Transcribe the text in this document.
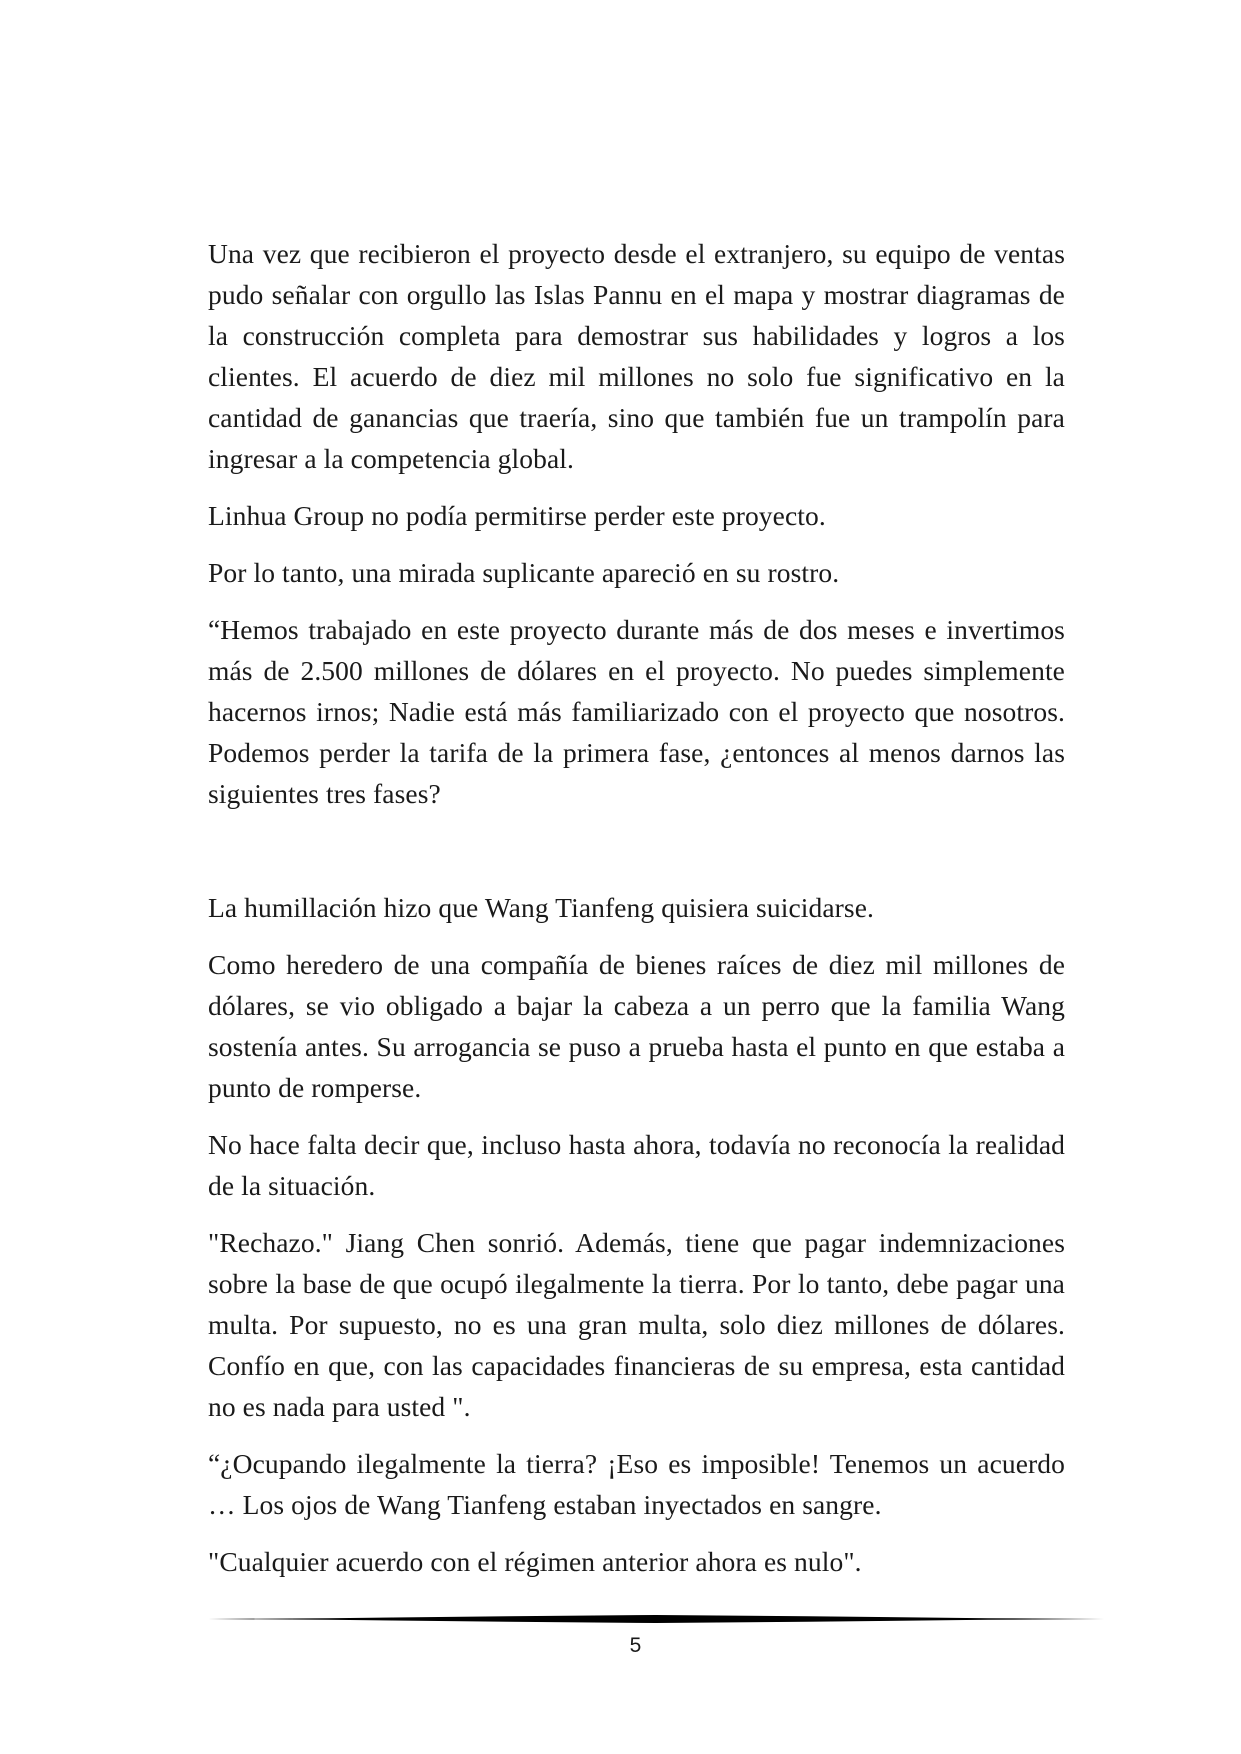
Una vez que recibieron el proyecto desde el extranjero, su equipo de ventas pudo señalar con orgullo las Islas Pannu en el mapa y mostrar diagramas de la construcción completa para demostrar sus habilidades y logros a los clientes. El acuerdo de diez mil millones no solo fue significativo en la cantidad de ganancias que traería, sino que también fue un trampolín para ingresar a la competencia global.

Linhua Group no podía permitirse perder este proyecto.

Por lo tanto, una mirada suplicante apareció en su rostro.

“Hemos trabajado en este proyecto durante más de dos meses e invertimos más de 2.500 millones de dólares en el proyecto. No puedes simplemente hacernos irnos; Nadie está más familiarizado con el proyecto que nosotros. Podemos perder la tarifa de la primera fase, ¿entonces al menos darnos las siguientes tres fases?

La humillación hizo que Wang Tianfeng quisiera suicidarse.

Como heredero de una compañía de bienes raíces de diez mil millones de dólares, se vio obligado a bajar la cabeza a un perro que la familia Wang sostenía antes. Su arrogancia se puso a prueba hasta el punto en que estaba a punto de romperse.

No hace falta decir que, incluso hasta ahora, todavía no reconocía la realidad de la situación.

"Rechazo." Jiang Chen sonrió. Además, tiene que pagar indemnizaciones sobre la base de que ocupó ilegalmente la tierra. Por lo tanto, debe pagar una multa. Por supuesto, no es una gran multa, solo diez millones de dólares. Confío en que, con las capacidades financieras de su empresa, esta cantidad no es nada para usted ".

“¿Ocupando ilegalmente la tierra? ¡Eso es imposible! Tenemos un acuerdo … Los ojos de Wang Tianfeng estaban inyectados en sangre.

"Cualquier acuerdo con el régimen anterior ahora es nulo".

5
